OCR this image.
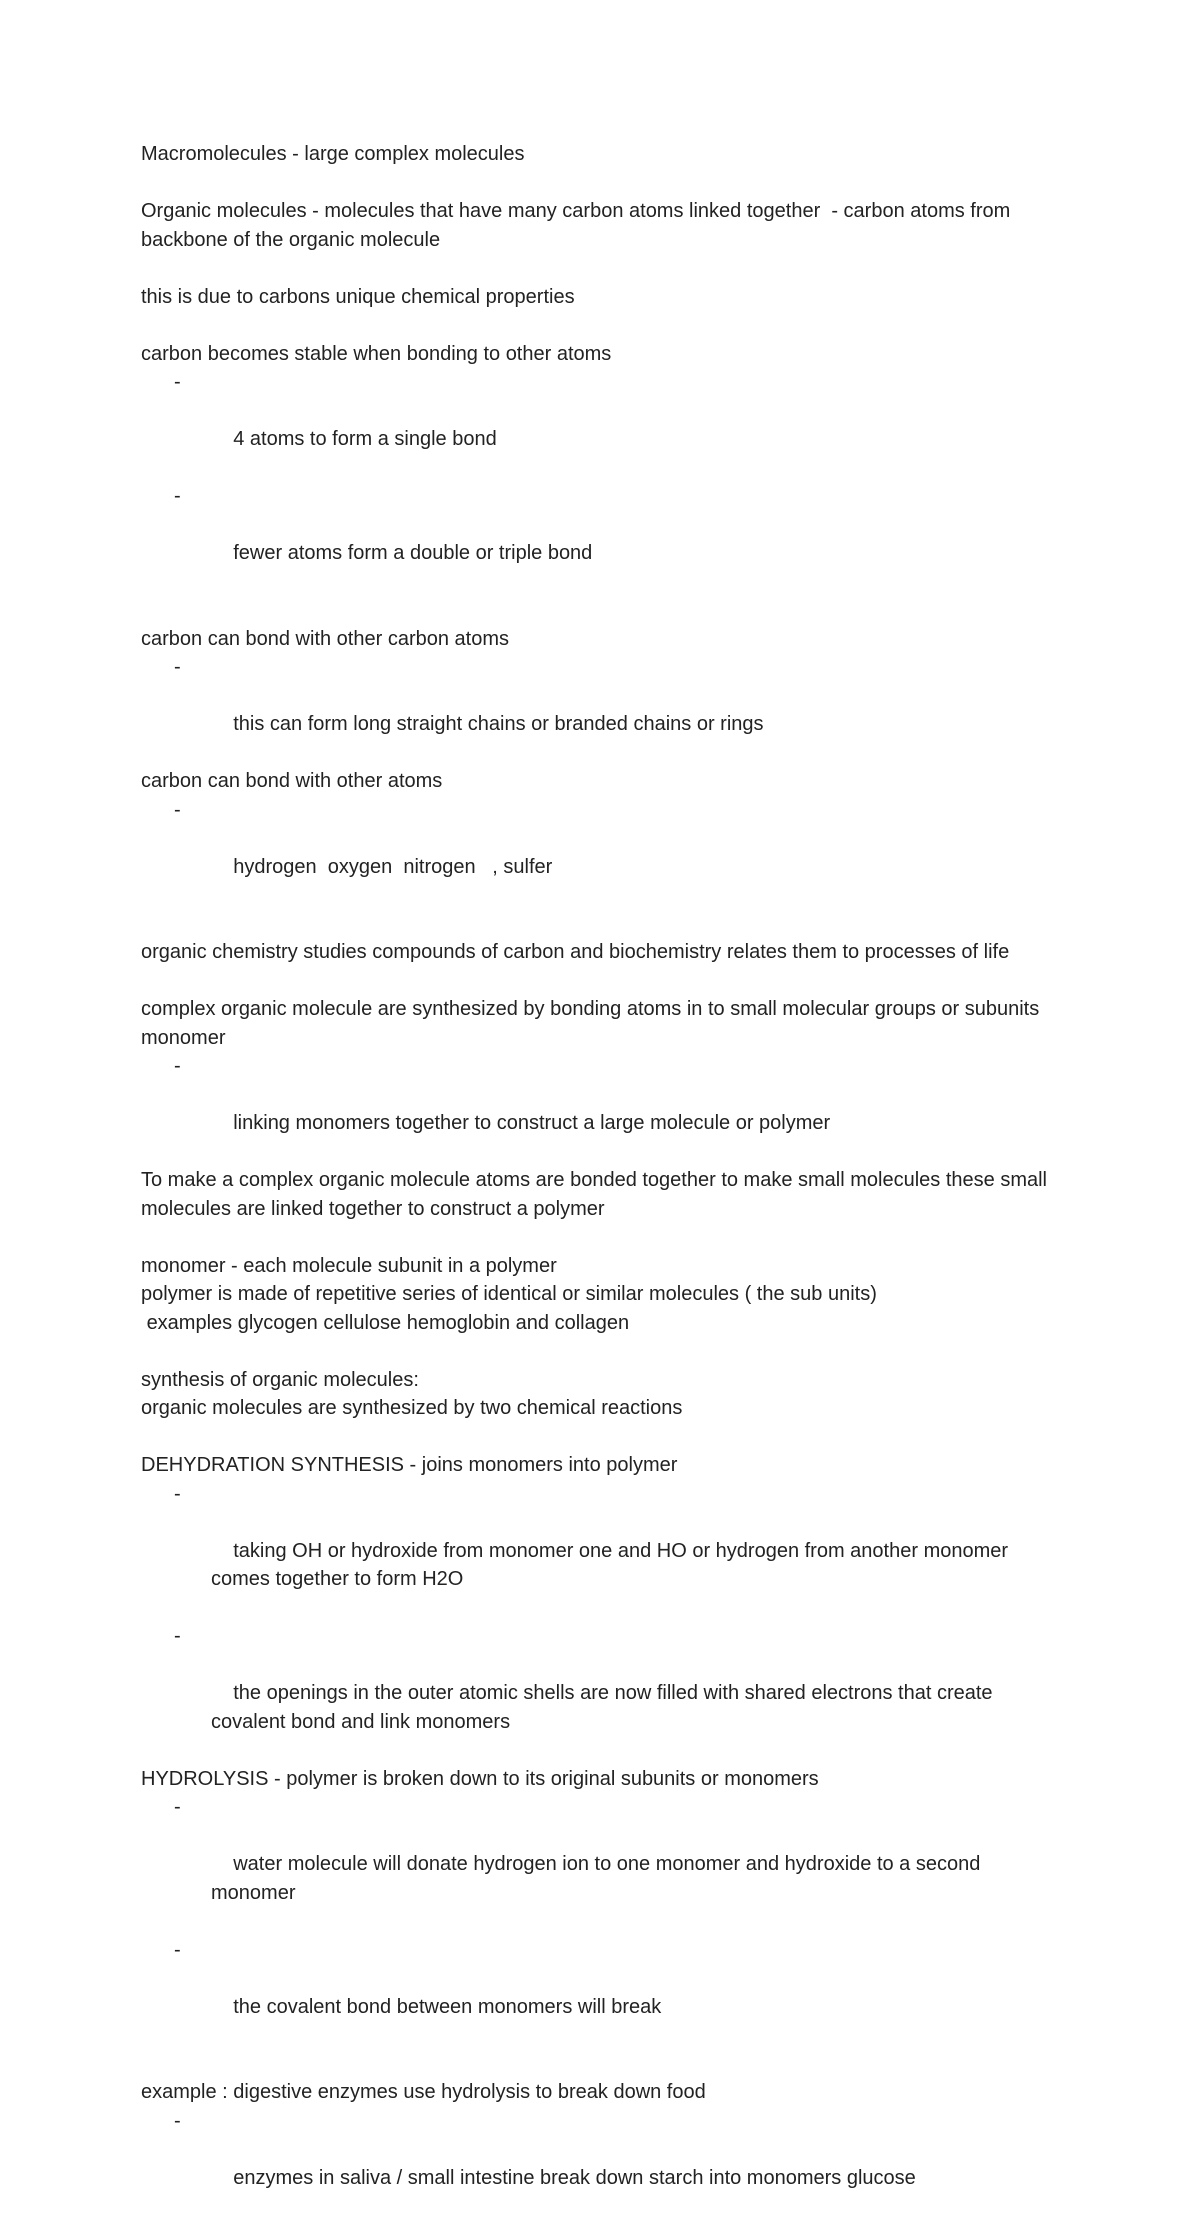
Macromolecules - large complex molecules

Organic molecules - molecules that have many carbon atoms linked together  - carbon atoms from backbone of the organic molecule

this is due to carbons unique chemical properties

carbon becomes stable when bonding to other atoms

-

4 atoms to form a single bond

-

fewer atoms form a double or triple bond

carbon can bond with other carbon atoms

-

this can form long straight chains or branded chains or rings

carbon can bond with other atoms

-

hydrogen  oxygen  nitrogen   , sulfer

organic chemistry studies compounds of carbon and biochemistry relates them to processes of life

complex organic molecule are synthesized by bonding atoms in to small molecular groups or subunits monomer

-

linking monomers together to construct a large molecule or polymer

To make a complex organic molecule atoms are bonded together to make small molecules these small molecules are linked together to construct a polymer

monomer - each molecule subunit in a polymer

polymer is made of repetitive series of identical or similar molecules ( the sub units)

examples glycogen cellulose hemoglobin and collagen

synthesis of organic molecules:

organic molecules are synthesized by two chemical reactions

DEHYDRATION SYNTHESIS - joins monomers into polymer

-

taking OH or hydroxide from monomer one and HO or hydrogen from another monomer comes together to form H2O

-

the openings in the outer atomic shells are now filled with shared electrons that create covalent bond and link monomers

HYDROLYSIS - polymer is broken down to its original subunits or monomers

-

water molecule will donate hydrogen ion to one monomer and hydroxide to a second monomer

-

the covalent bond between monomers will break

example : digestive enzymes use hydrolysis to break down food

-

enzymes in saliva / small intestine break down starch into monomers glucose
